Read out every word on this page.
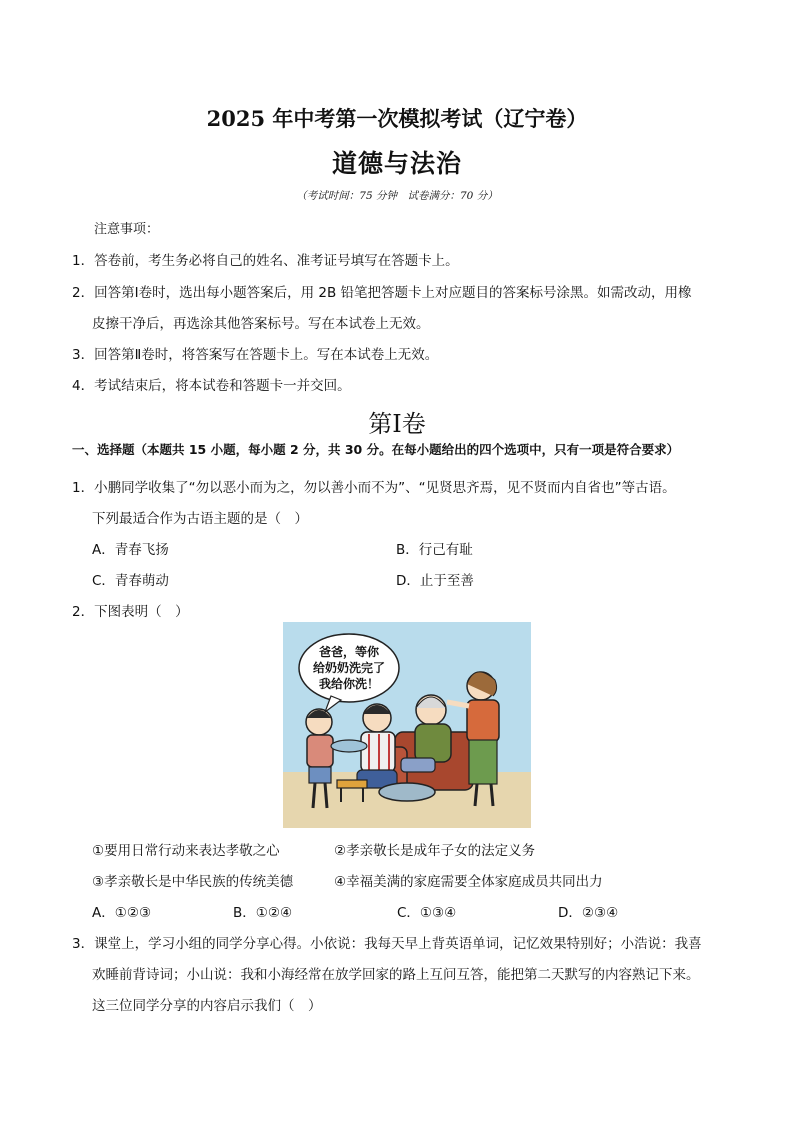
2025 年中考第一次模拟考试（辽宁卷）
道德与法治
（考试时间：75 分钟　试卷满分：70 分）
注意事项：
1．答卷前，考生务必将自己的姓名、准考证号填写在答题卡上。
2．回答第Ⅰ卷时，选出每小题答案后，用 2B 铅笔把答题卡上对应题目的答案标号涂黑。如需改动，用橡
皮擦干净后，再选涂其他答案标号。写在本试卷上无效。
3．回答第Ⅱ卷时，将答案写在答题卡上。写在本试卷上无效。
4．考试结束后，将本试卷和答题卡一并交回。
第Ⅰ卷
一、选择题（本题共 15 小题，每小题 2 分，共 30 分。在每小题给出的四个选项中，只有一项是符合要求）
1．小鹏同学收集了“勿以恶小而为之，勿以善小而不为”、“见贤思齐焉，见不贤而内自省也”等古语。
下列最适合作为古语主题的是（　）
A．青春飞扬	B．行己有耻
C．青春萌动	D．止于至善
2．下图表明（　）
爸爸，等你
给奶奶洗完了
我给你洗！
①要用日常行动来表达孝敬之心	②孝亲敬长是成年子女的法定义务
③孝亲敬长是中华民族的传统美德	④幸福美满的家庭需要全体家庭成员共同出力
A．①②③	B．①②④	C．①③④	D．②③④
3．课堂上，学习小组的同学分享心得。小依说：我每天早上背英语单词，记忆效果特别好；小浩说：我喜
欢睡前背诗词；小山说：我和小海经常在放学回家的路上互问互答，能把第二天默写的内容熟记下来。
这三位同学分享的内容启示我们（　）
